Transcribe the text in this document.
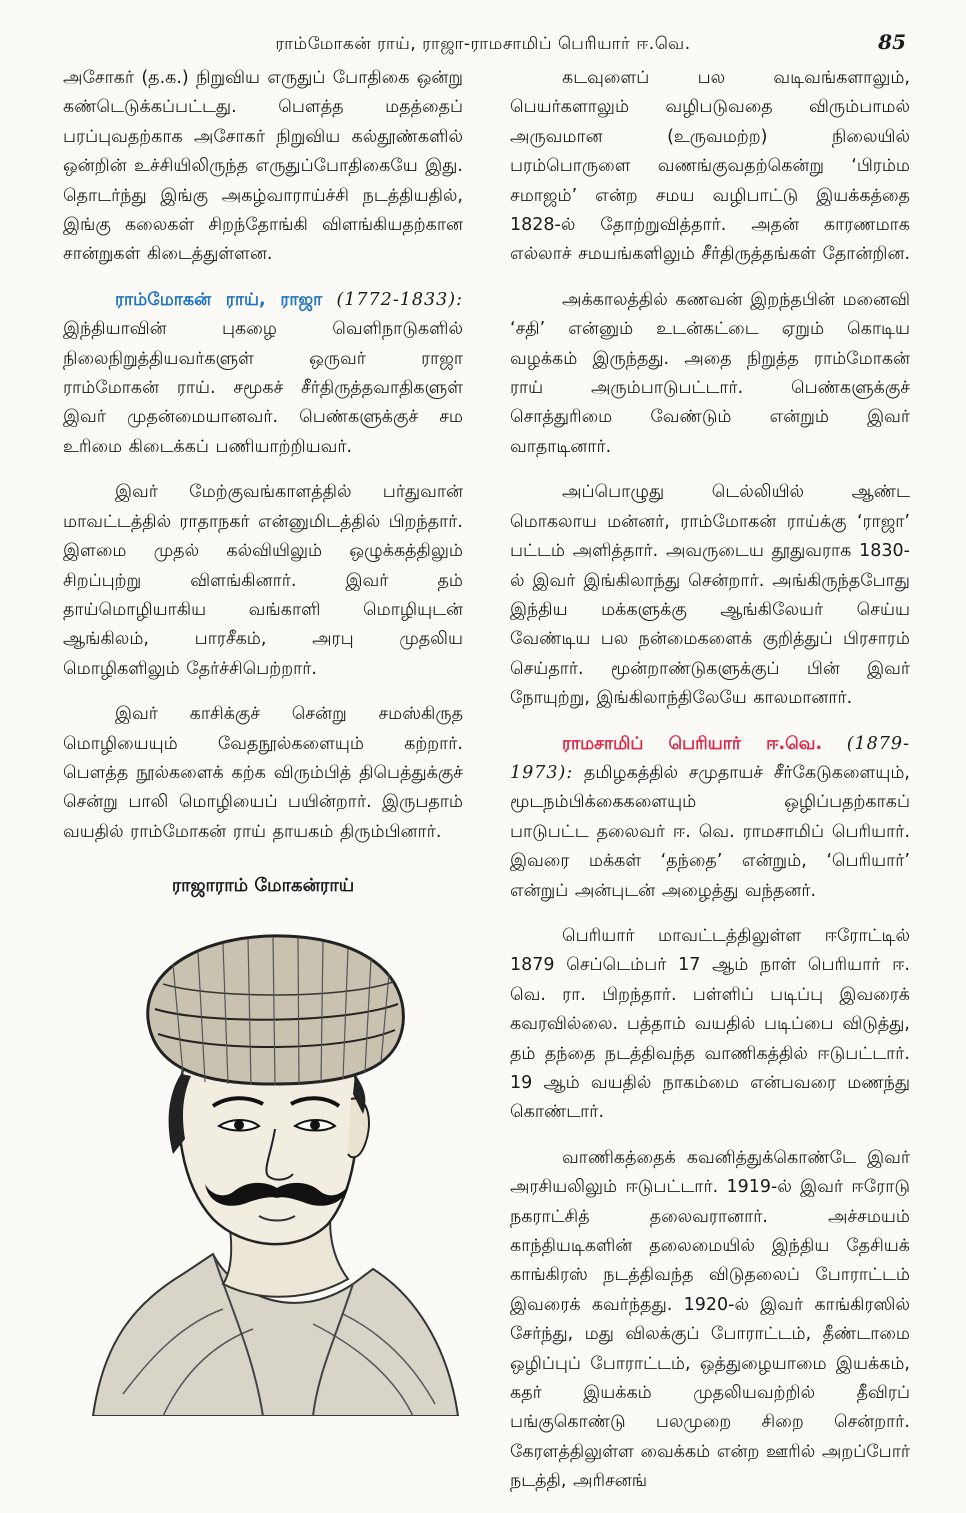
ராம்மோகன் ராய், ராஜா-ராமசாமிப் பெரியார் ஈ.வெ.	85

அசோகர் (த.க.) நிறுவிய எருதுப் போதிகை ஒன்று கண்டெடுக்கப்பட்டது. பௌத்த மதத்தைப் பரப்புவதற்காக அசோகர் நிறுவிய கல்தூண்களில் ஒன்றின் உச்சியிலிருந்த எருதுப்போதிகையே இது. தொடர்ந்து இங்கு அகழ்வாராய்ச்சி நடத்தியதில், இங்கு கலைகள் சிறந்தோங்கி விளங்கியதற்கான சான்றுகள் கிடைத்துள்ளன.

ராம்மோகன் ராய், ராஜா (1772-1833): இந்தியாவின் புகழை வெளிநாடுகளில் நிலைநிறுத்தியவர்களுள் ஒருவர் ராஜா ராம்மோகன் ராய். சமூகச் சீர்திருத்தவாதிகளுள் இவர் முதன்மையானவர். பெண்களுக்குச் சம உரிமை கிடைக்கப் பணியாற்றியவர்.

இவர் மேற்குவங்காளத்தில் பர்துவான் மாவட்டத்தில் ராதாநகர் என்னுமிடத்தில் பிறந்தார். இளமை முதல் கல்வியிலும் ஒழுக்கத்திலும் சிறப்புற்று விளங்கினார். இவர் தம் தாய்மொழியாகிய வங்காளி மொழியுடன் ஆங்கிலம், பாரசீகம், அரபு முதலிய மொழிகளிலும் தேர்ச்சிபெற்றார்.

இவர் காசிக்குச் சென்று சமஸ்கிருத மொழியையும் வேதநூல்களையும் கற்றார். பௌத்த நூல்களைக் கற்க விரும்பித் திபெத்துக்குச் சென்று பாலி மொழியைப் பயின்றார். இருபதாம் வயதில் ராம்மோகன் ராய் தாயகம் திரும்பினார்.

ராஜாராம் மோகன்ராய்

கடவுளைப் பல வடிவங்களாலும், பெயர்களாலும் வழிபடுவதை விரும்பாமல் அருவமான (உருவமற்ற) நிலையில் பரம்பொருளை வணங்குவதற்கென்று ‘பிரம்ம சமாஜம்’ என்ற சமய வழிபாட்டு இயக்கத்தை 1828-ல் தோற்றுவித்தார். அதன் காரணமாக எல்லாச் சமயங்களிலும் சீர்திருத்தங்கள் தோன்றின.

அக்காலத்தில் கணவன் இறந்தபின் மனைவி ‘சதி’ என்னும் உடன்கட்டை ஏறும் கொடிய வழக்கம் இருந்தது. அதை நிறுத்த ராம்மோகன் ராய் அரும்பாடுபட்டார். பெண்களுக்குச் சொத்துரிமை வேண்டும் என்றும் இவர் வாதாடினார்.

அப்பொழுது டெல்லியில் ஆண்ட மொகலாய மன்னர், ராம்மோகன் ராய்க்கு ‘ராஜா’ பட்டம் அளித்தார். அவருடைய தூதுவராக 1830-ல் இவர் இங்கிலாந்து சென்றார். அங்கிருந்தபோது இந்திய மக்களுக்கு ஆங்கிலேயர் செய்ய வேண்டிய பல நன்மைகளைக் குறித்துப் பிரசாரம் செய்தார். மூன்றாண்டுகளுக்குப் பின் இவர் நோயுற்று, இங்கிலாந்திலேயே காலமானார்.

ராமசாமிப் பெரியார் ஈ.வெ. (1879-1973): தமிழகத்தில் சமுதாயச் சீர்கேடுகளையும், மூடநம்பிக்கைகளையும் ஒழிப்பதற்காகப் பாடுபட்ட தலைவர் ஈ. வெ. ராமசாமிப் பெரியார். இவரை மக்கள் ‘தந்தை’ என்றும், ‘பெரியார்’ என்றுப் அன்புடன் அழைத்து வந்தனர்.

பெரியார் மாவட்டத்திலுள்ள ஈரோட்டில் 1879 செப்டெம்பர் 17 ஆம் நாள் பெரியார் ஈ. வெ. ரா. பிறந்தார். பள்ளிப் படிப்பு இவரைக் கவரவில்லை. பத்தாம் வயதில் படிப்பை விடுத்து, தம் தந்தை நடத்திவந்த வாணிகத்தில் ஈடுபட்டார். 19 ஆம் வயதில் நாகம்மை என்பவரை மணந்து கொண்டார்.

வாணிகத்தைக் கவனித்துக்கொண்டே இவர் அரசியலிலும் ஈடுபட்டார். 1919-ல் இவர் ஈரோடு நகராட்சித் தலைவரானார். அச்சமயம் காந்தியடிகளின் தலைமையில் இந்திய தேசியக் காங்கிரஸ் நடத்திவந்த விடுதலைப் போராட்டம் இவரைக் கவர்ந்தது. 1920-ல் இவர் காங்கிரஸில் சேர்ந்து, மது விலக்குப் போராட்டம், தீண்டாமை ஒழிப்புப் போராட்டம், ஒத்துழையாமை இயக்கம், கதர் இயக்கம் முதலியவற்றில் தீவிரப் பங்குகொண்டு பலமுறை சிறை சென்றார். கேரளத்திலுள்ள வைக்கம் என்ற ஊரில் அறப்போர் நடத்தி, அரிசனங்
